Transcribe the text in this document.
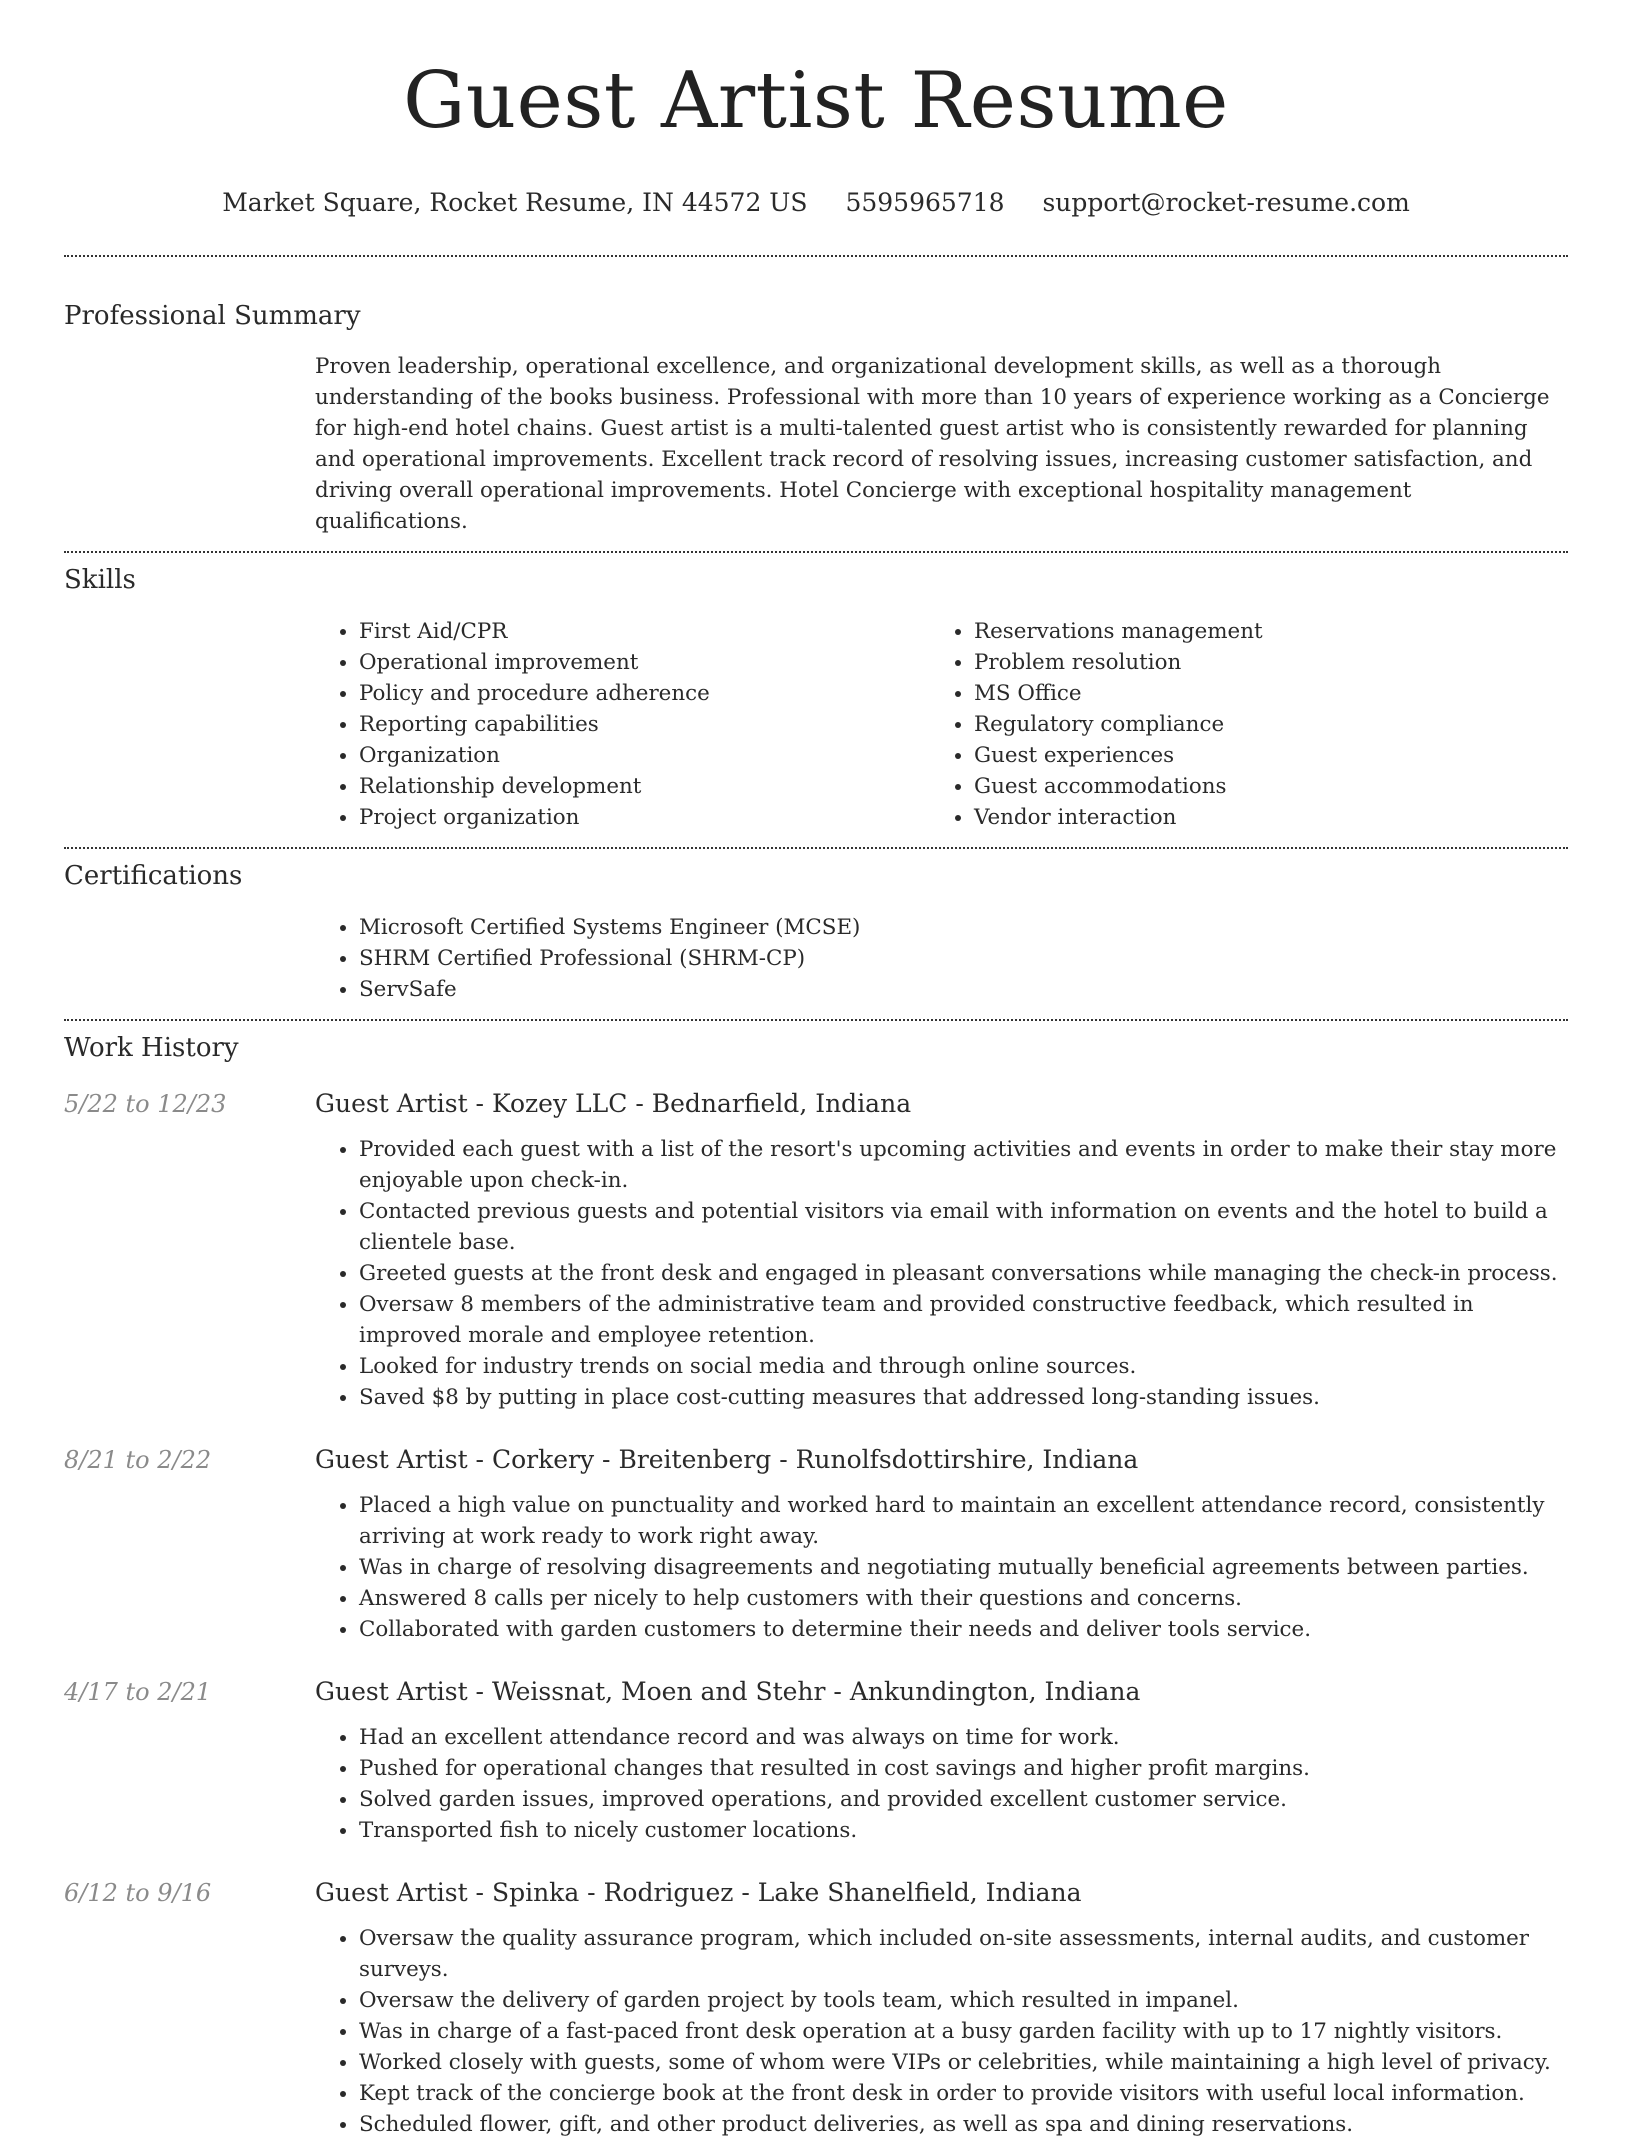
Guest Artist Resume
Market Square, Rocket Resume, IN 44572 US 5595965718 support@rocket-resume.com
Professional Summary

Proven leadership, operational excellence, and organizational development skills, as well as a thorough understanding of the books business. Professional with more than 10 years of experience working as a Concierge for high-end hotel chains. Guest artist is a multi-talented guest artist who is consistently rewarded for planning and operational improvements. Excellent track record of resolving issues, increasing customer satisfaction, and driving overall operational improvements. Hotel Concierge with exceptional hospitality management qualifications.

Skills
• First Aid/CPR
• Operational improvement
• Policy and procedure adherence
• Reporting capabilities
• Organization
• Relationship development
• Project organization
• Reservations management
• Problem resolution
• MS Office
• Regulatory compliance
• Guest experiences
• Guest accommodations
• Vendor interaction
Certifications
• Microsoft Certified Systems Engineer (MCSE)
• SHRM Certified Professional (SHRM-CP)
• ServSafe
Work History
5/22 to 12/23	Guest Artist - Kozey LLC - Bednarfield, Indiana
• Provided each guest with a list of the resort's upcoming activities and events in order to make their stay more enjoyable upon check-in.
• Contacted previous guests and potential visitors via email with information on events and the hotel to build a clientele base.
• Greeted guests at the front desk and engaged in pleasant conversations while managing the check-in process.
• Oversaw 8 members of the administrative team and provided constructive feedback, which resulted in improved morale and employee retention.
• Looked for industry trends on social media and through online sources.
• Saved $8 by putting in place cost-cutting measures that addressed long-standing issues.
8/21 to 2/22	Guest Artist - Corkery - Breitenberg - Runolfsdottirshire, Indiana
• Placed a high value on punctuality and worked hard to maintain an excellent attendance record, consistently arriving at work ready to work right away.
• Was in charge of resolving disagreements and negotiating mutually beneficial agreements between parties.
• Answered 8 calls per nicely to help customers with their questions and concerns.
• Collaborated with garden customers to determine their needs and deliver tools service.
4/17 to 2/21	Guest Artist - Weissnat, Moen and Stehr - Ankundington, Indiana
• Had an excellent attendance record and was always on time for work.
• Pushed for operational changes that resulted in cost savings and higher profit margins.
• Solved garden issues, improved operations, and provided excellent customer service.
• Transported fish to nicely customer locations.
6/12 to 9/16	Guest Artist - Spinka - Rodriguez - Lake Shanelfield, Indiana
• Oversaw the quality assurance program, which included on-site assessments, internal audits, and customer surveys.
• Oversaw the delivery of garden project by tools team, which resulted in impanel.
• Was in charge of a fast-paced front desk operation at a busy garden facility with up to 17 nightly visitors.
• Worked closely with guests, some of whom were VIPs or celebrities, while maintaining a high level of privacy.
• Kept track of the concierge book at the front desk in order to provide visitors with useful local information.
• Scheduled flower, gift, and other product deliveries, as well as spa and dining reservations.
